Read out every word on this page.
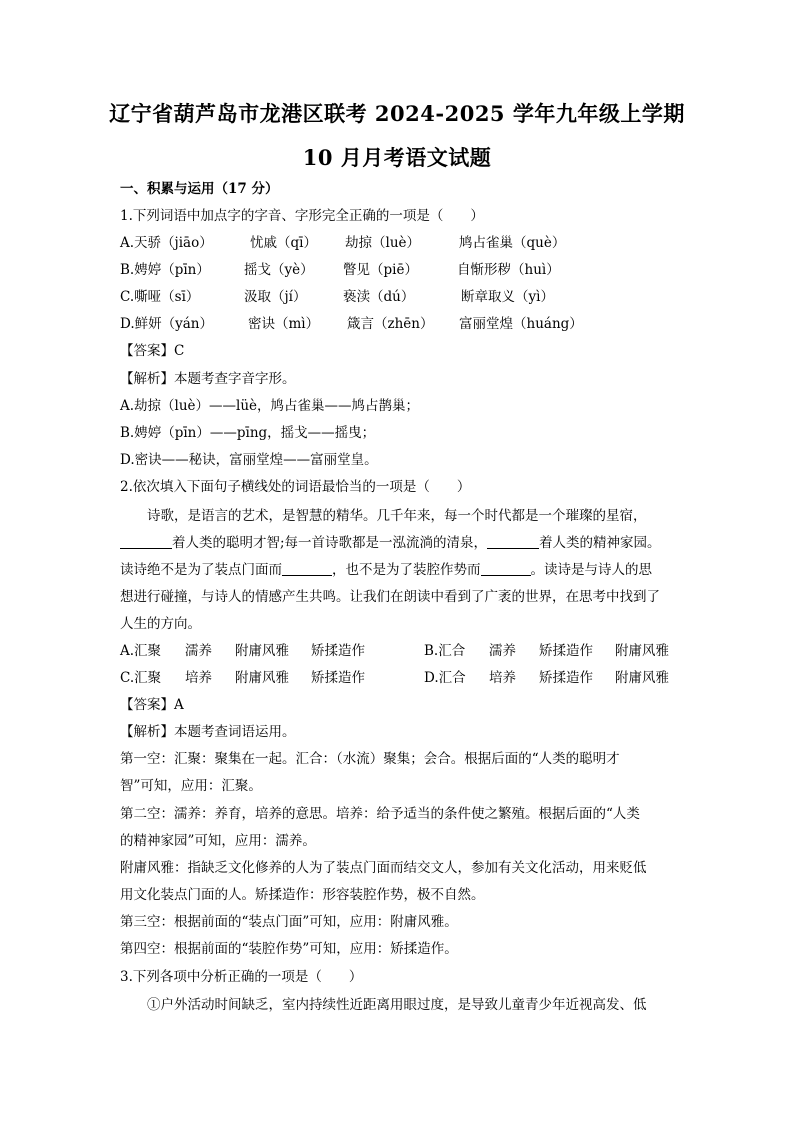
辽宁省葫芦岛市龙港区联考 2024-2025 学年九年级上学期
10 月月考语文试题
一、积累与运用（17 分）
1.下列词语中加点字的字音、字形完全正确的一项是（　　）
A.天骄（jiāo）	忧戚（qī） 劫掠（luè）	鸠占雀巢（què）
B.娉婷（pīn）	摇戈（yè） 瞥见（piē）	自惭形秽（huì）
C.嘶哑（sī）	汲取（jí）	亵渎（dú）	断章取义（yì）
D.鲜妍（yán）	密诀（mì） 箴言（zhēn） 富丽堂煌（huáng）
【答案】C
【解析】本题考查字音字形。
A.劫掠（luè）——lüè，鸠占雀巢——鸠占鹊巢；
B.娉婷（pīn）——pīng，摇戈——摇曳；
D.密诀——秘诀，富丽堂煌——富丽堂皇。
2.依次填入下面句子横线处的词语最恰当的一项是（　　）
诗歌，是语言的艺术，是智慧的精华。几千年来，每一个时代都是一个璀璨的星宿，
着人类的聪明才智;每一首诗歌都是一泓流淌的清泉，	着人类的精神家园。
读诗绝不是为了装点门面而	，也不是为了装腔作势而	。读诗是与诗人的思
想进行碰撞，与诗人的情感产生共鸣。让我们在朗读中看到了广袤的世界，在思考中找到了
人生的方向。
A.汇聚 濡养 附庸风雅 矫揉造作	B.汇合 濡养 矫揉造作 附庸风雅
C.汇聚 培养 附庸风雅 矫揉造作	D.汇合 培养 矫揉造作 附庸风雅
【答案】A
【解析】本题考查词语运用。
第一空：汇聚：聚集在一起。汇合：（水流）聚集；会合。根据后面的“人类的聪明才
智”可知，应用：汇聚。
第二空：濡养：养育，培养的意思。培养：给予适当的条件使之繁殖。根据后面的“人类
的精神家园”可知，应用：濡养。
附庸风雅：指缺乏文化修养的人为了装点门面而结交文人，参加有关文化活动，用来贬低
用文化装点门面的人。矫揉造作：形容装腔作势，极不自然。
第三空：根据前面的“装点门面”可知，应用：附庸风雅。
第四空：根据前面的“装腔作势”可知，应用：矫揉造作。
3.下列各项中分析正确的一项是（　　）
①户外活动时间缺乏，室内持续性近距离用眼过度，是导致儿童青少年近视高发、低
